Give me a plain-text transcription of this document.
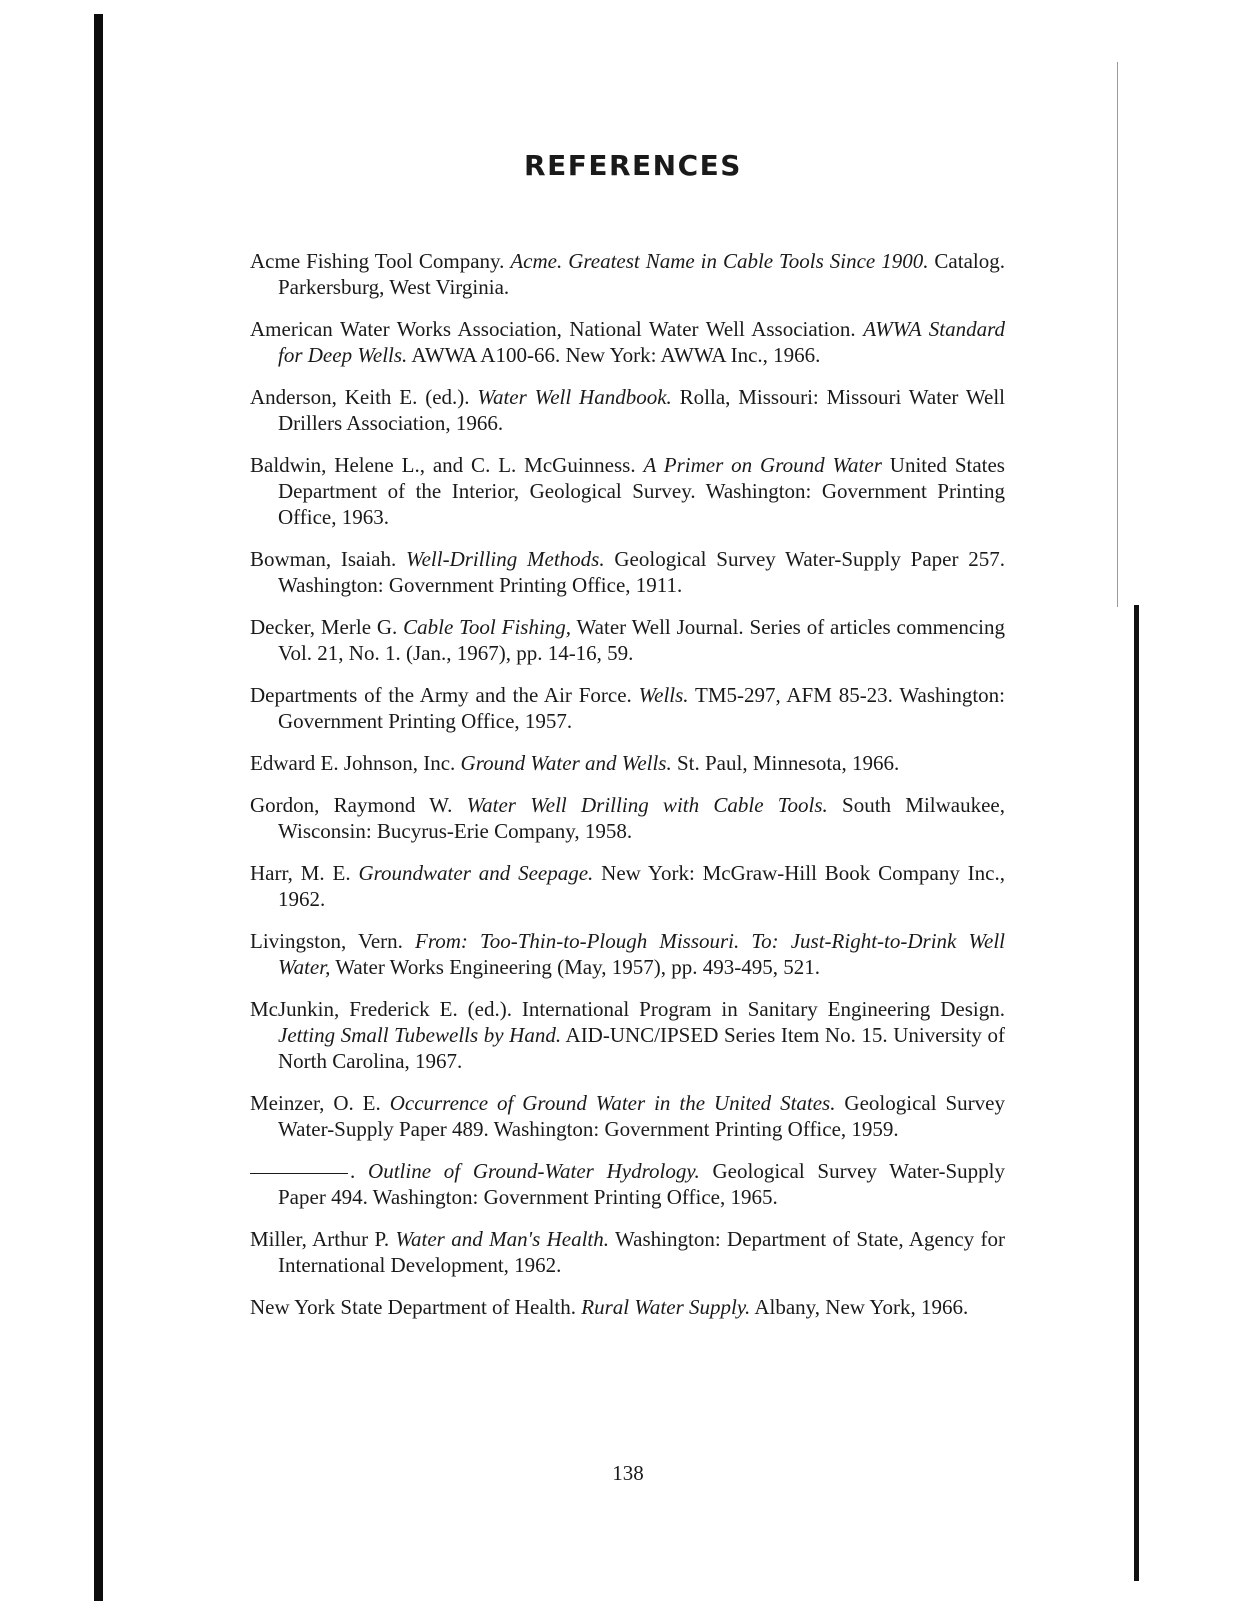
REFERENCES

Acme Fishing Tool Company. Acme. Greatest Name in Cable Tools Since 1900. Catalog. Parkersburg, West Virginia.

American Water Works Association, National Water Well Association. AWWA Standard for Deep Wells. AWWA A100-66. New York: AWWA Inc., 1966.

Anderson, Keith E. (ed.). Water Well Handbook. Rolla, Missouri: Missouri Water Well Drillers Association, 1966.

Baldwin, Helene L., and C. L. McGuinness. A Primer on Ground Water United States Department of the Interior, Geological Survey. Washington: Government Printing Office, 1963.

Bowman, Isaiah. Well-Drilling Methods. Geological Survey Water-Supply Paper 257. Washington: Government Printing Office, 1911.

Decker, Merle G. Cable Tool Fishing, Water Well Journal. Series of articles commencing Vol. 21, No. 1. (Jan., 1967), pp. 14-16, 59.

Departments of the Army and the Air Force. Wells. TM5-297, AFM 85-23. Washington: Government Printing Office, 1957.

Edward E. Johnson, Inc. Ground Water and Wells. St. Paul, Minnesota, 1966.

Gordon, Raymond W. Water Well Drilling with Cable Tools. South Milwaukee, Wisconsin: Bucyrus-Erie Company, 1958.

Harr, M. E. Groundwater and Seepage. New York: McGraw-Hill Book Company Inc., 1962.

Livingston, Vern. From: Too-Thin-to-Plough Missouri. To: Just-Right-to-Drink Well Water, Water Works Engineering (May, 1957), pp. 493-495, 521.

McJunkin, Frederick E. (ed.). International Program in Sanitary Engineering Design. Jetting Small Tubewells by Hand. AID-UNC/IPSED Series Item No. 15. University of North Carolina, 1967.

Meinzer, O. E. Occurrence of Ground Water in the United States. Geological Survey Water-Supply Paper 489. Washington: Government Printing Office, 1959.

. Outline of Ground-Water Hydrology. Geological Survey Water-Supply Paper 494. Washington: Government Printing Office, 1965.

Miller, Arthur P. Water and Man's Health. Washington: Department of State, Agency for International Development, 1962.

New York State Department of Health. Rural Water Supply. Albany, New York, 1966.

138
